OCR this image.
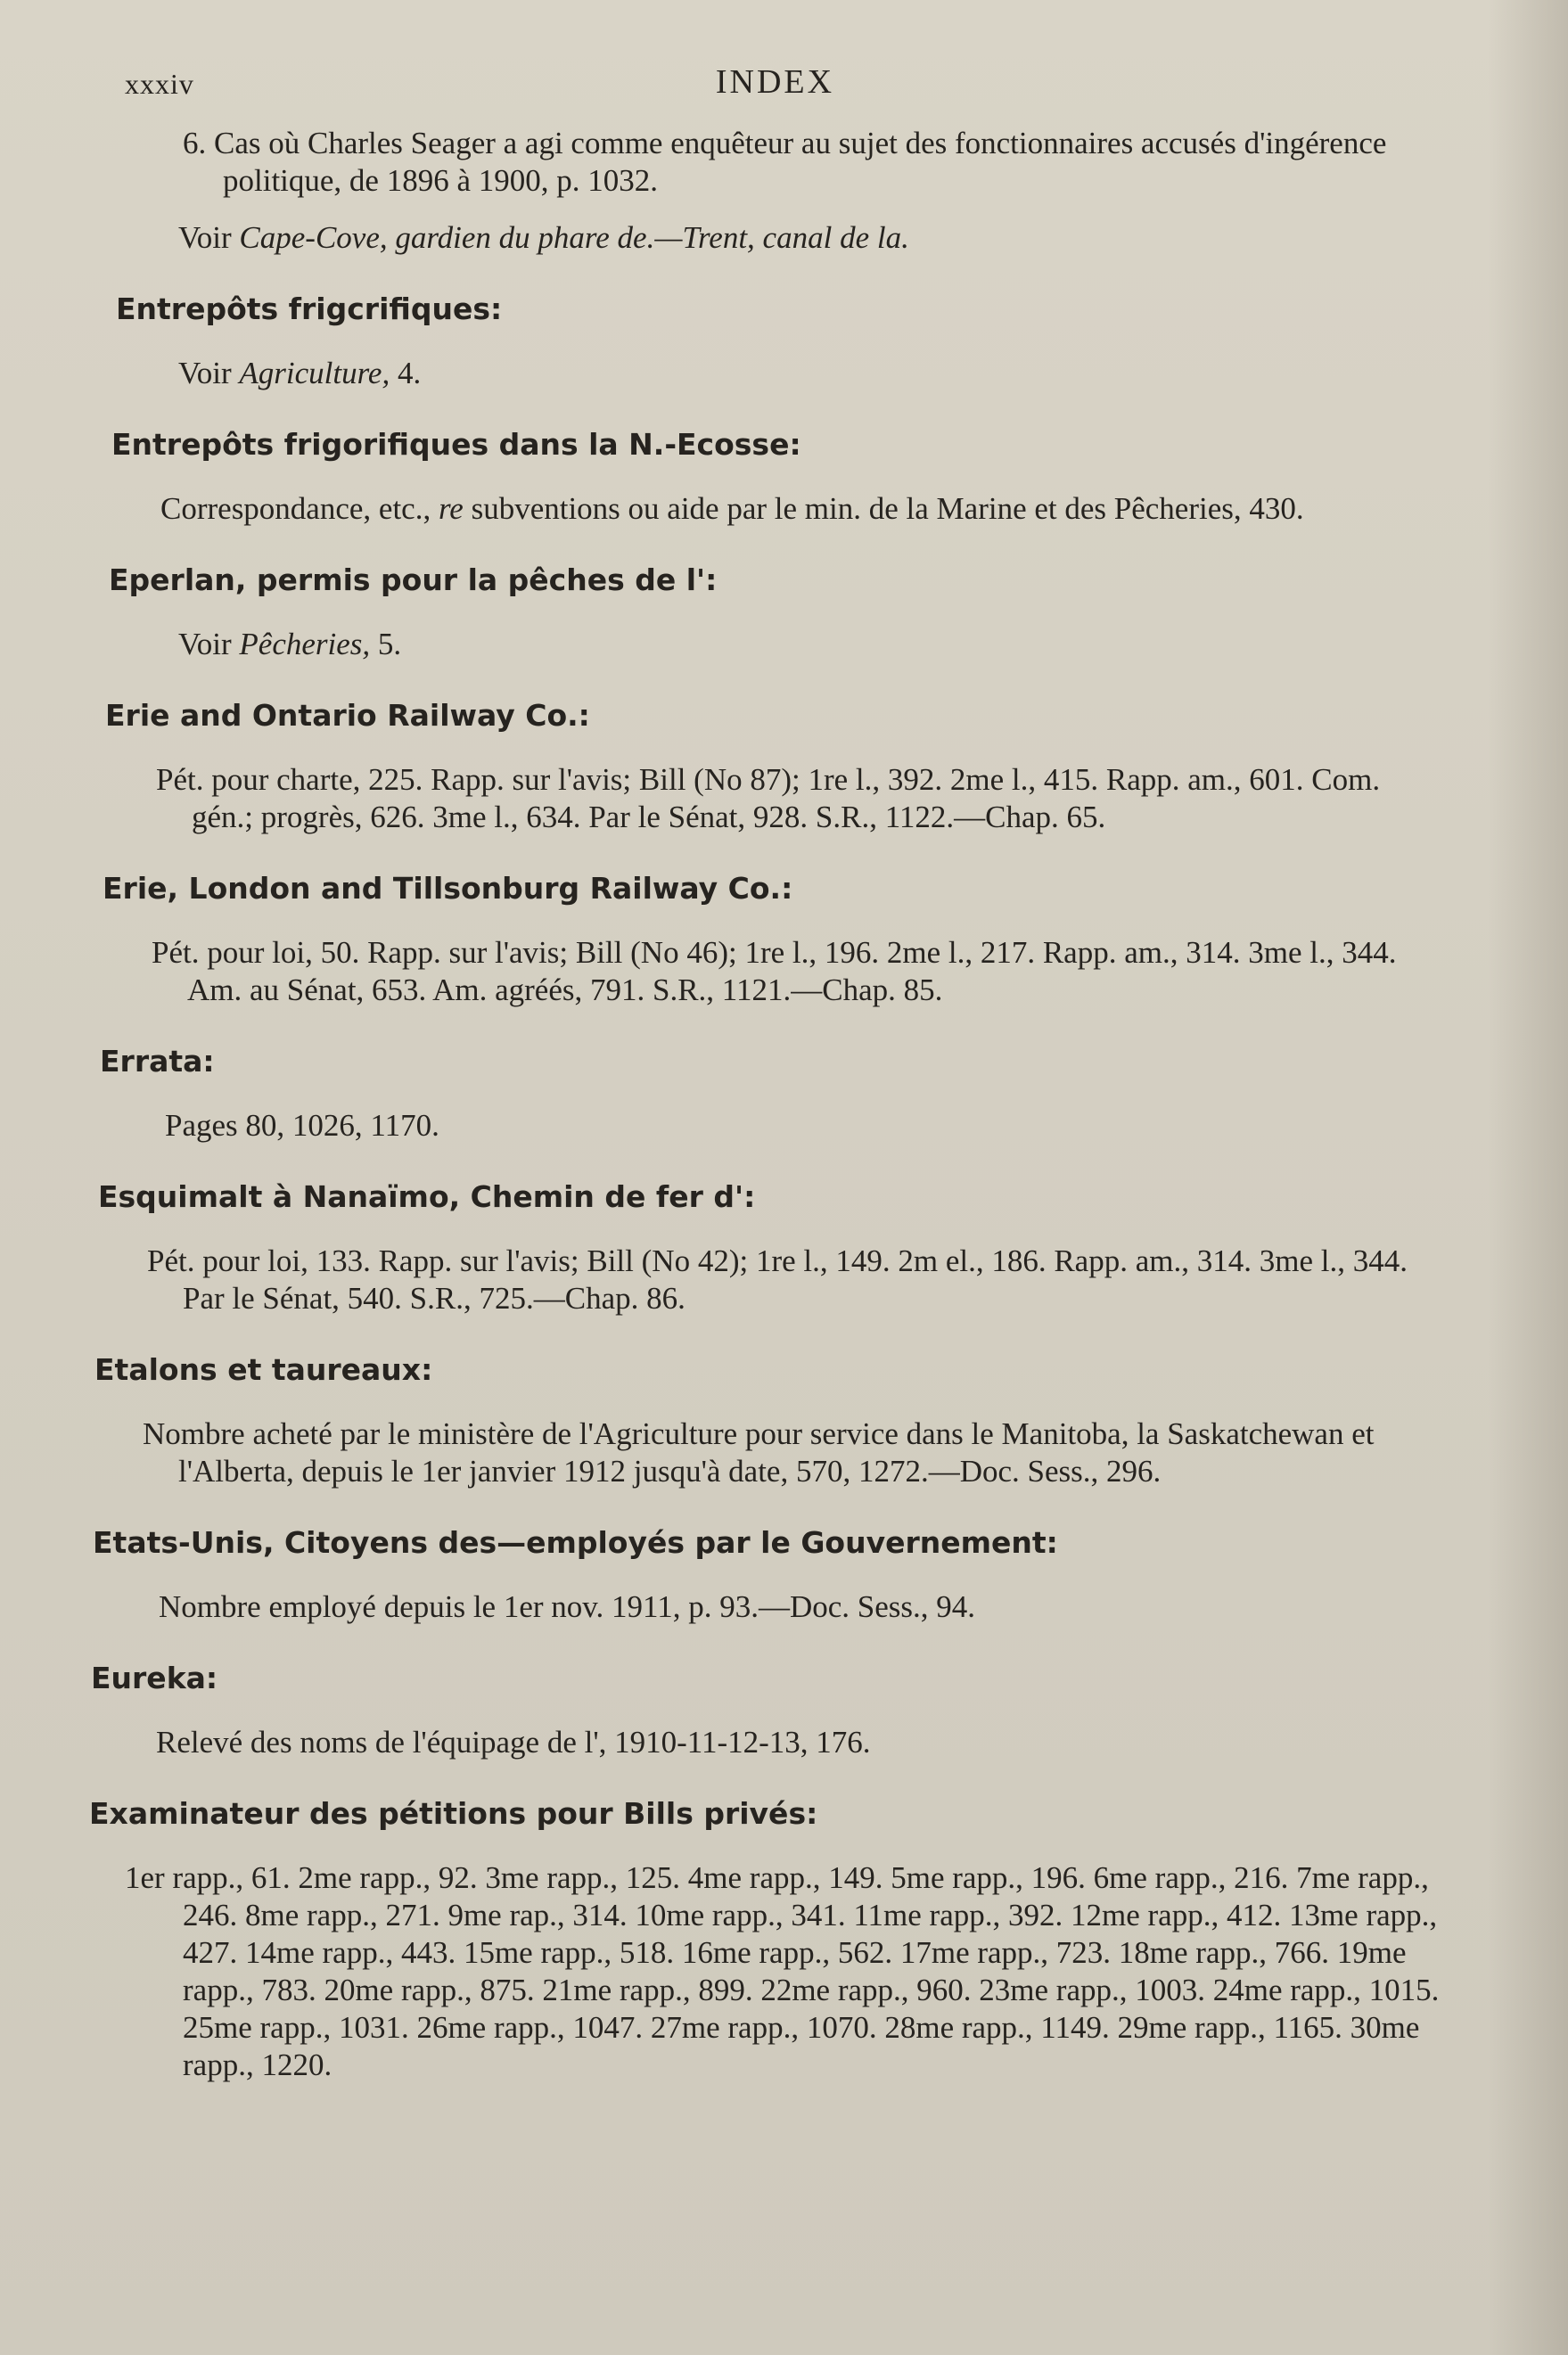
xxxiv	INDEX

6. Cas où Charles Seager a agi comme enquêteur au sujet des fonctionnaires accusés d'ingérence politique, de 1896 à 1900, p. 1032.

Voir Cape-Cove, gardien du phare de.—Trent, canal de la.

Entrepôts frigcrifiques:

Voir Agriculture, 4.

Entrepôts frigorifiques dans la N.-Ecosse:

Correspondance, etc., re subventions ou aide par le min. de la Marine et des Pêcheries, 430.

Eperlan, permis pour la pêches de l':

Voir Pêcheries, 5.

Erie and Ontario Railway Co.:

Pét. pour charte, 225. Rapp. sur l'avis; Bill (No 87); 1re l., 392. 2me l., 415. Rapp. am., 601. Com. gén.; progrès, 626. 3me l., 634. Par le Sénat, 928. S.R., 1122.—Chap. 65.

Erie, London and Tillsonburg Railway Co.:

Pét. pour loi, 50. Rapp. sur l'avis; Bill (No 46); 1re l., 196. 2me l., 217. Rapp. am., 314. 3me l., 344. Am. au Sénat, 653. Am. agréés, 791. S.R., 1121.—Chap. 85.

Errata:

Pages 80, 1026, 1170.

Esquimalt à Nanaïmo, Chemin de fer d':

Pét. pour loi, 133. Rapp. sur l'avis; Bill (No 42); 1re l., 149. 2m el., 186. Rapp. am., 314. 3me l., 344. Par le Sénat, 540. S.R., 725.—Chap. 86.

Etalons et taureaux:

Nombre acheté par le ministère de l'Agriculture pour service dans le Manitoba, la Saskatchewan et l'Alberta, depuis le 1er janvier 1912 jusqu'à date, 570, 1272.—Doc. Sess., 296.

Etats-Unis, Citoyens des—employés par le Gouvernement:

Nombre employé depuis le 1er nov. 1911, p. 93.—Doc. Sess., 94.

Eureka:

Relevé des noms de l'équipage de l', 1910-11-12-13, 176.

Examinateur des pétitions pour Bills privés:

1er rapp., 61. 2me rapp., 92. 3me rapp., 125. 4me rapp., 149. 5me rapp., 196. 6me rapp., 216. 7me rapp., 246. 8me rapp., 271. 9me rap., 314. 10me rapp., 341. 11me rapp., 392. 12me rapp., 412. 13me rapp., 427. 14me rapp., 443. 15me rapp., 518. 16me rapp., 562. 17me rapp., 723. 18me rapp., 766. 19me rapp., 783. 20me rapp., 875. 21me rapp., 899. 22me rapp., 960. 23me rapp., 1003. 24me rapp., 1015. 25me rapp., 1031. 26me rapp., 1047. 27me rapp., 1070. 28me rapp., 1149. 29me rapp., 1165. 30me rapp., 1220.
